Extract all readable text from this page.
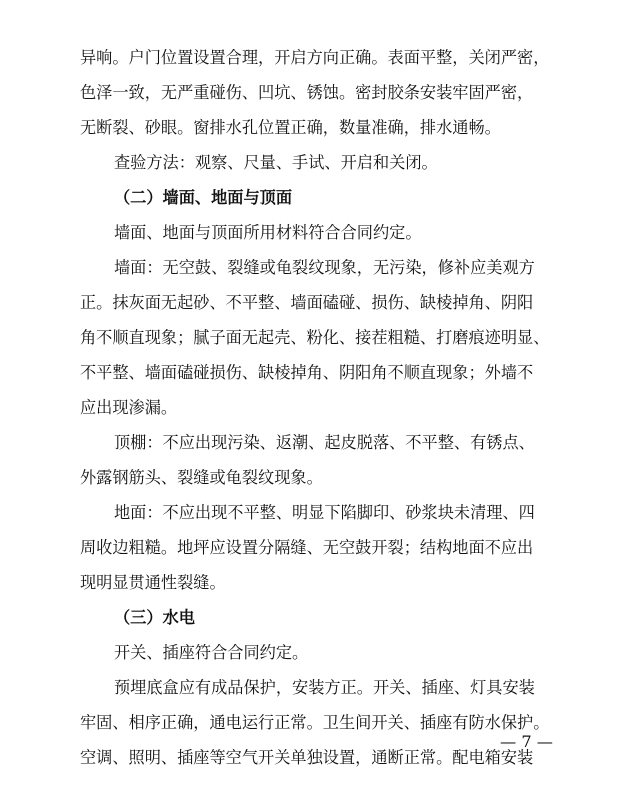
异响。户门位置设置合理，开启方向正确。表面平整，关闭严密，
色泽一致，无严重碰伤、凹坑、锈蚀。密封胶条安装牢固严密，
无断裂、砂眼。窗排水孔位置正确，数量准确，排水通畅。
查验方法：观察、尺量、手试、开启和关闭。
（二）墙面、地面与顶面
墙面、地面与顶面所用材料符合合同约定。
墙面：无空鼓、裂缝或龟裂纹现象，无污染，修补应美观方
正。抹灰面无起砂、不平整、墙面磕碰、损伤、缺棱掉角、阴阳
角不顺直现象；腻子面无起壳、粉化、接茬粗糙、打磨痕迹明显、
不平整、墙面磕碰损伤、缺棱掉角、阴阳角不顺直现象；外墙不
应出现渗漏。
顶棚：不应出现污染、返潮、起皮脱落、不平整、有锈点、
外露钢筋头、裂缝或龟裂纹现象。
地面：不应出现不平整、明显下陷脚印、砂浆块未清理、四
周收边粗糙。地坪应设置分隔缝、无空鼓开裂；结构地面不应出
现明显贯通性裂缝。
（三）水电
开关、插座符合合同约定。
预埋底盒应有成品保护，安装方正。开关、插座、灯具安装
牢固、相序正确，通电运行正常。卫生间开关、插座有防水保护。
空调、照明、插座等空气开关单独设置，通断正常。配电箱安装
— 7 —
